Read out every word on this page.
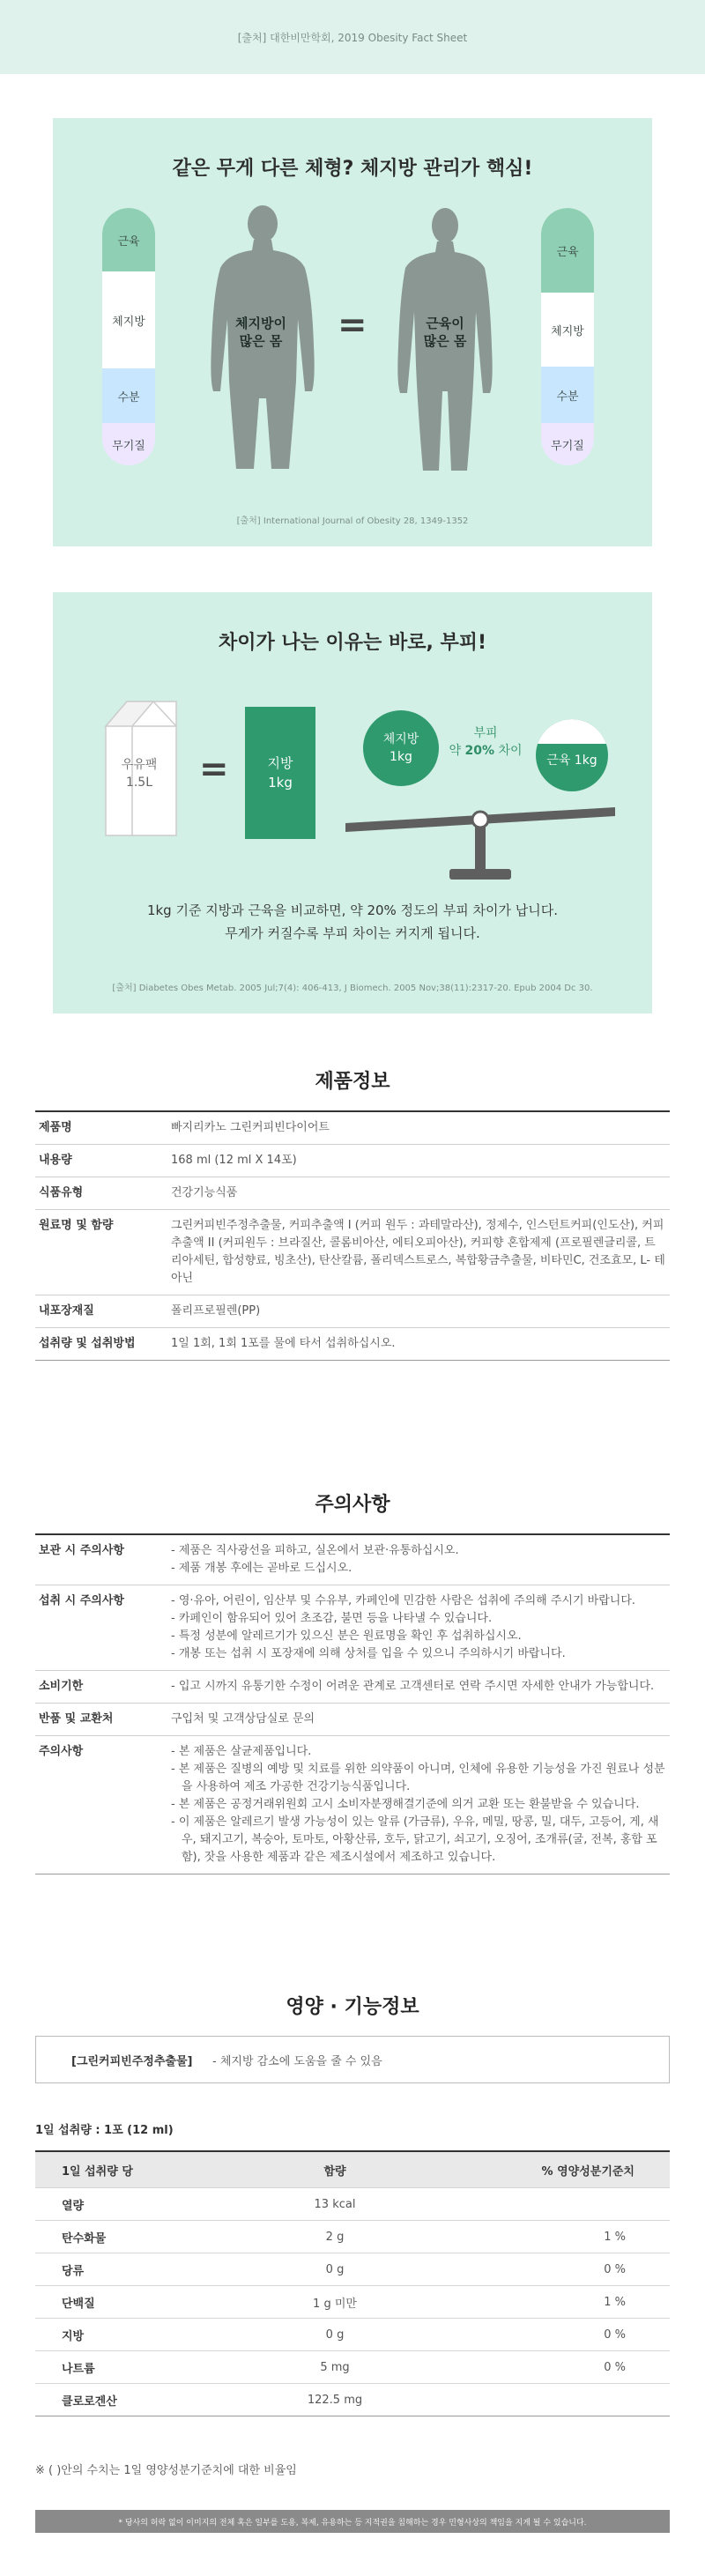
[출처] 대한비만학회, 2019 Obesity Fact Sheet
같은 무게 다른 체형? 체지방 관리가 핵심!
근육
체지방
수분
무기질
체지방이
많은 몸	=	근육이
많은 몸
근육
체지방
수분
무기질
[출처] International Journal of Obesity 28, 1349-1352
차이가 나는 이유는 바로, 부피!
우유팩
1.5L	=	지방
1kg
체지방
1kg
부피
약 20% 차이
근육 1kg
1kg 기준 지방과 근육을 비교하면, 약 20% 정도의 부피 차이가 납니다.
무게가 커질수록 부피 차이는 커지게 됩니다.
[출처] Diabetes Obes Metab. 2005 Jul;7(4): 406-413, J Biomech. 2005 Nov;38(11):2317-20. Epub 2004 Dc 30.
제품정보
제품명	빠지리카노 그린커피빈다이어트
내용량	168 ml (12 ml X 14포)
식품유형	건강기능식품
원료명 및 함량	그린커피빈주정추출물, 커피추출액 I (커피 원두 : 과테말라산), 정제수, 인스턴트커피(인도산), 커피추출액 II (커피원두 : 브라질산, 콜롬비아산, 에티오피아산), 커피향 혼합제제 (프로필렌글리콜, 트리아세틴, 합성향료, 빙초산), 탄산칼륨, 폴리덱스트로스, 복합황금추출물, 비타민C, 건조효모, L- 테아닌
내포장재질	폴리프로필렌(PP)
섭취량 및 섭취방법	1일 1회, 1회 1포를 물에 타서 섭취하십시오.
주의사항
보관 시 주의사항	- 제품은 직사광선을 피하고, 실온에서 보관·유통하십시오.
- 제품 개봉 후에는 곧바로 드십시오.
섭취 시 주의사항	- 영·유아, 어린이, 임산부 및 수유부, 카페인에 민감한 사람은 섭취에 주의해 주시기 바랍니다.
- 카페인이 함유되어 있어 초조감, 불면 등을 나타낼 수 있습니다.
- 특정 성분에 알레르기가 있으신 분은 원료명을 확인 후 섭취하십시오.
- 개봉 또는 섭취 시 포장재에 의해 상처를 입을 수 있으니 주의하시기 바랍니다.
소비기한	- 입고 시까지 유통기한 수정이 어려운 관계로 고객센터로 연락 주시면 자세한 안내가 가능합니다.
반품 및 교환처	구입처 및 고객상담실로 문의
주의사항	- 본 제품은 살균제품입니다.
- 본 제품은 질병의 예방 및 치료를 위한 의약품이 아니며, 인체에 유용한 기능성을 가진 원료나 성분을 사용하여 제조 가공한 건강기능식품입니다.
- 본 제품은 공정거래위원회 고시 소비자분쟁해결기준에 의거 교환 또는 환불받을 수 있습니다.
- 이 제품은 알레르기 발생 가능성이 있는 알류 (가금류), 우유, 메밀, 땅콩, 밀, 대두, 고등어, 게, 새우, 돼지고기, 복숭아, 토마토, 아황산류, 호두, 닭고기, 쇠고기, 오징어, 조개류(굴, 전복, 홍합 포함), 잣을 사용한 제품과 같은 제조시설에서 제조하고 있습니다.
영양 · 기능정보
[그린커피빈주정추출물]	- 체지방 감소에 도움을 줄 수 있음
1일 섭취량 : 1포 (12 ml)
1일 섭취량 당	함량	% 영양성분기준치
열량	13 kcal
탄수화물	2 g	1 %
당류	0 g	0 %
단백질	1 g 미만	1 %
지방	0 g	0 %
나트륨	5 mg	0 %
클로로겐산	122.5 mg
※ ( )안의 수치는 1일 영양성분기준치에 대한 비율임
* 당사의 허락 없이 이미지의 전체 혹은 일부를 도용, 복제, 유용하는 등 지적권을 침해하는 경우 민형사상의 책임을 지게 될 수 있습니다.
